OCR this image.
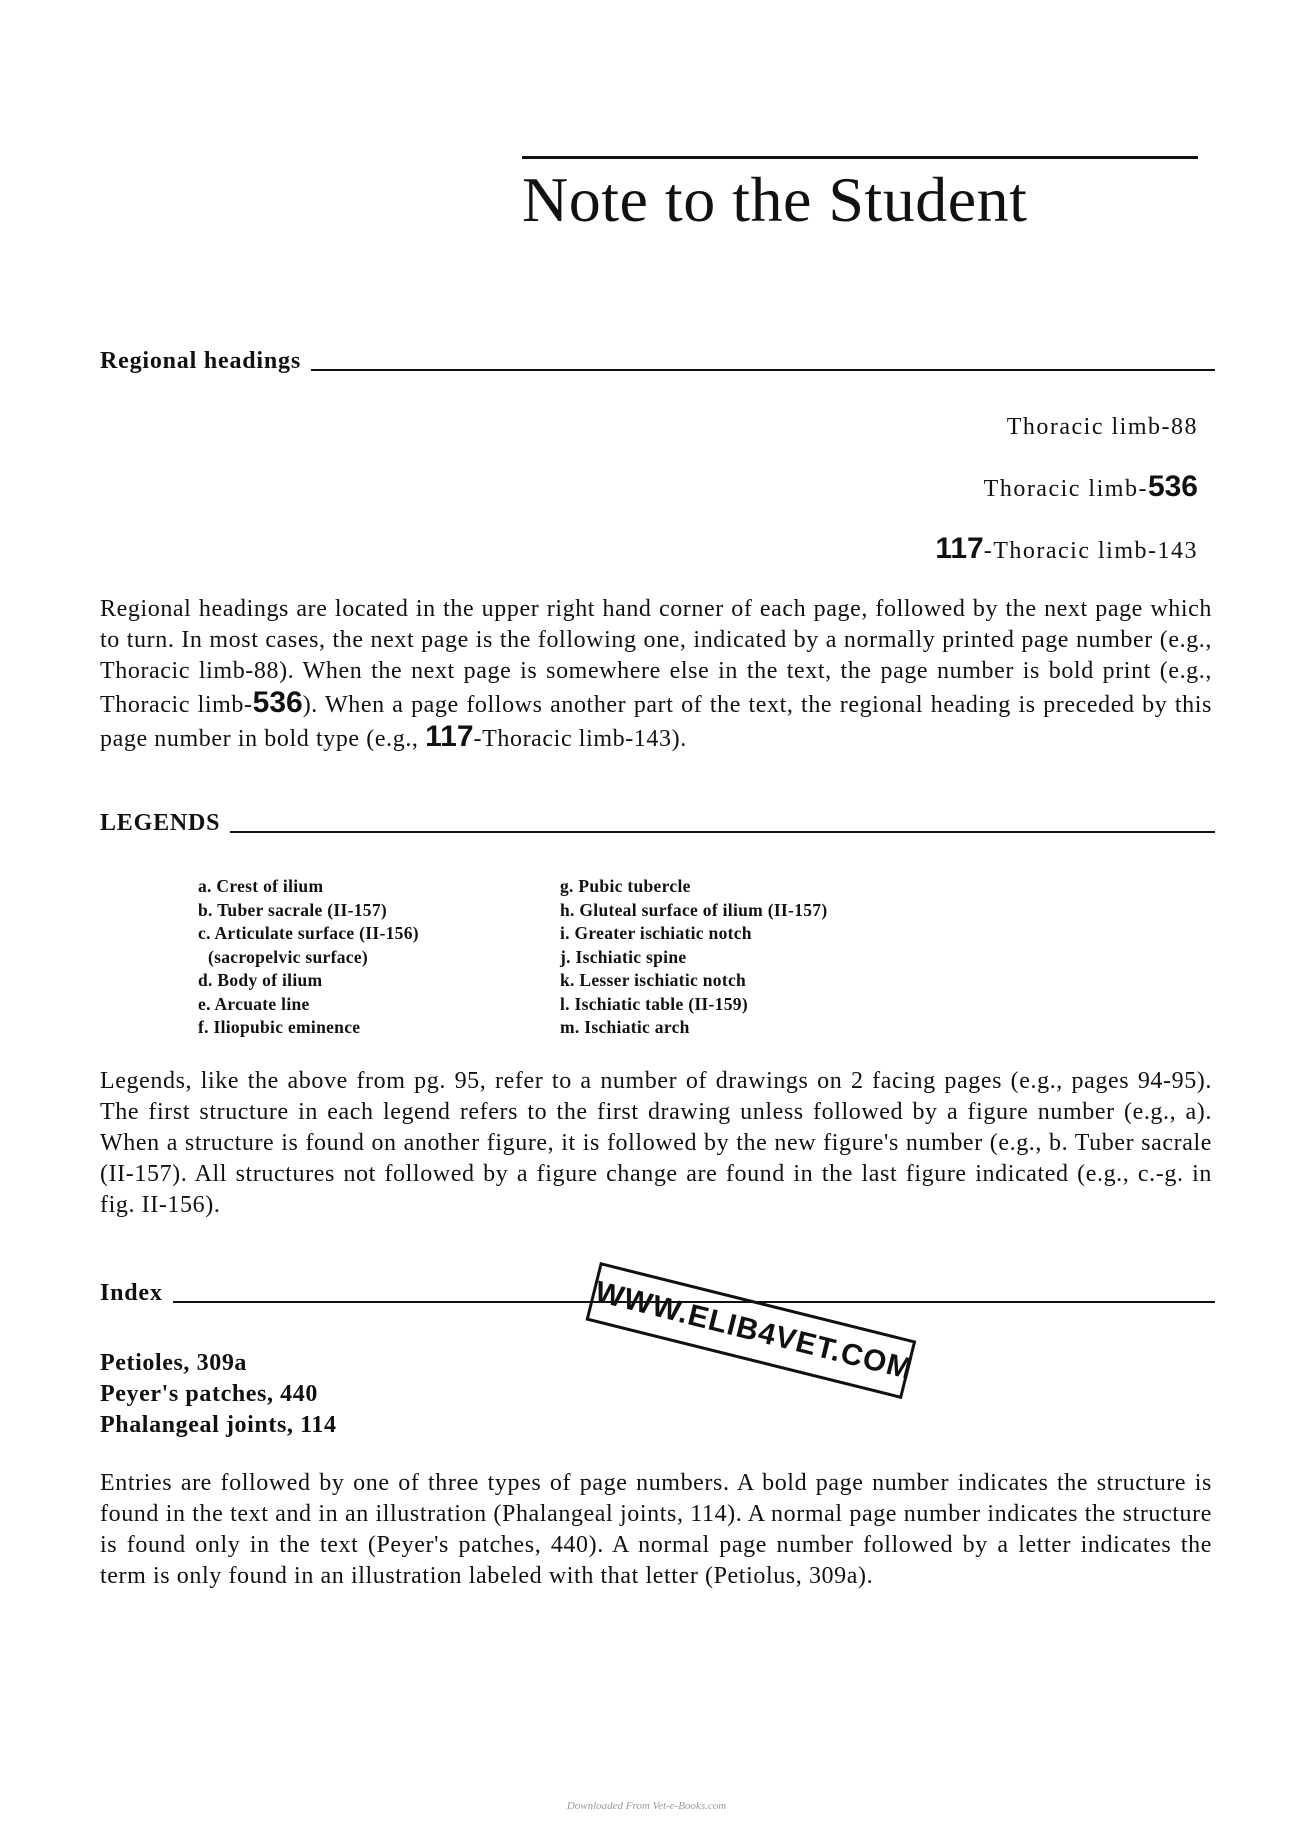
Note to the Student
Regional headings
Thoracic limb-88
Thoracic limb-536
117-Thoracic limb-143

Regional headings are located in the upper right hand corner of each page, followed by the next page which to turn. In most cases, the next page is the following one, indicated by a normally printed page number (e.g., Thoracic limb-88). When the next page is somewhere else in the text, the page number is bold print (e.g., Thoracic limb-536). When a page follows another part of the text, the regional heading is preceded by this page number in bold type (e.g., 117-Thoracic limb-143).

LEGENDS
a. Crest of ilium
b. Tuber sacrale (II-157)
c. Articulate surface (II-156)
(sacropelvic surface)
d. Body of ilium
e. Arcuate line
f. Iliopubic eminence
g. Pubic tubercle
h. Gluteal surface of ilium (II-157)
i. Greater ischiatic notch
j. Ischiatic spine
k. Lesser ischiatic notch
l. Ischiatic table (II-159)
m. Ischiatic arch

Legends, like the above from pg. 95, refer to a number of drawings on 2 facing pages (e.g., pages 94-95). The first structure in each legend refers to the first drawing unless followed by a figure number (e.g., a). When a structure is found on another figure, it is followed by the new figure's number (e.g., b. Tuber sacrale (II-157). All structures not followed by a figure change are found in the last figure indicated (e.g., c.-g. in fig. II-156).

Index
Petioles, 309a
Peyer's patches, 440
Phalangeal joints, 114

Entries are followed by one of three types of page numbers. A bold page number indicates the structure is found in the text and in an illustration (Phalangeal joints, 114). A normal page number indicates the structure is found only in the text (Peyer's patches, 440). A normal page number followed by a letter indicates the term is only found in an illustration labeled with that letter (Petiolus, 309a).

WWW.ELIB4VET.COM
Downloaded From Vet-e-Books.com
